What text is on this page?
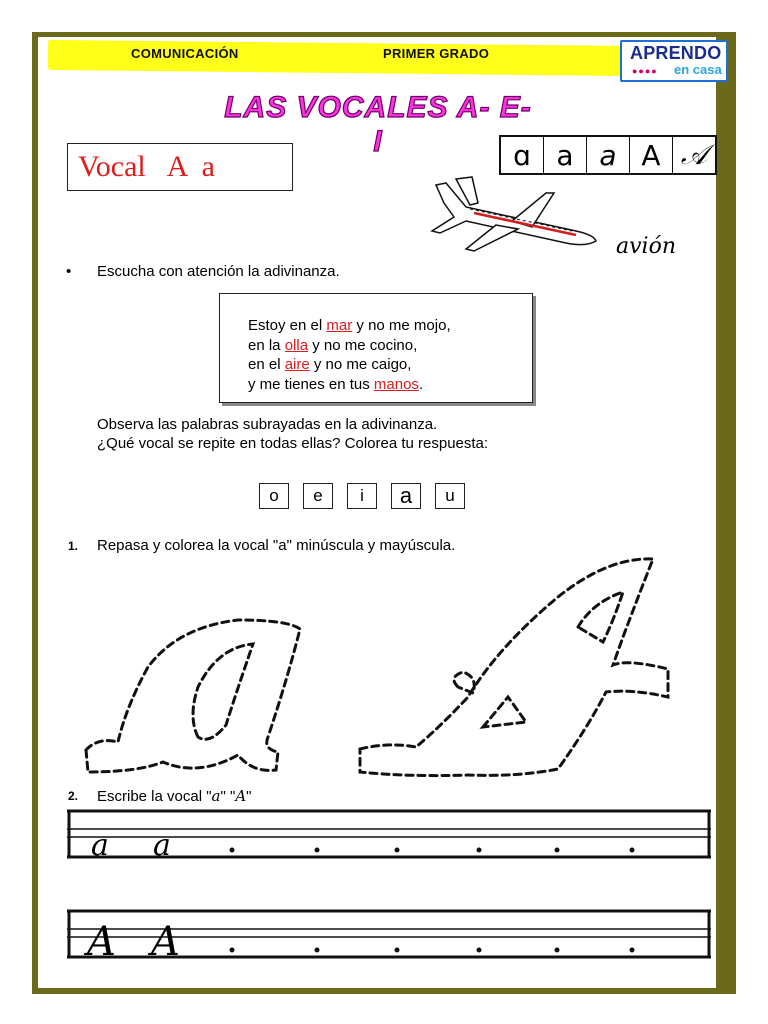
COMUNICACIÓN	PRIMER GRADO	APRENDO
●●●● en casa
LAS VOCALES A- E- I
Vocal   A  a	ɑ a a A 𝒜
avión
• Escucha con atención la adivinanza.
Estoy en el mar y no me mojo,
en la olla y no me cocino,
en el aire y no me caigo,
y me tienes en tus manos.
Observa las palabras subrayadas en la adivinanza.
¿Qué vocal se repite en todas ellas? Colorea tu respuesta:
o	e	i	a	u
1. Repasa y colorea la vocal "a" minúscula y mayúscula.
2. Escribe la vocal "a" "A"
a a
A A
